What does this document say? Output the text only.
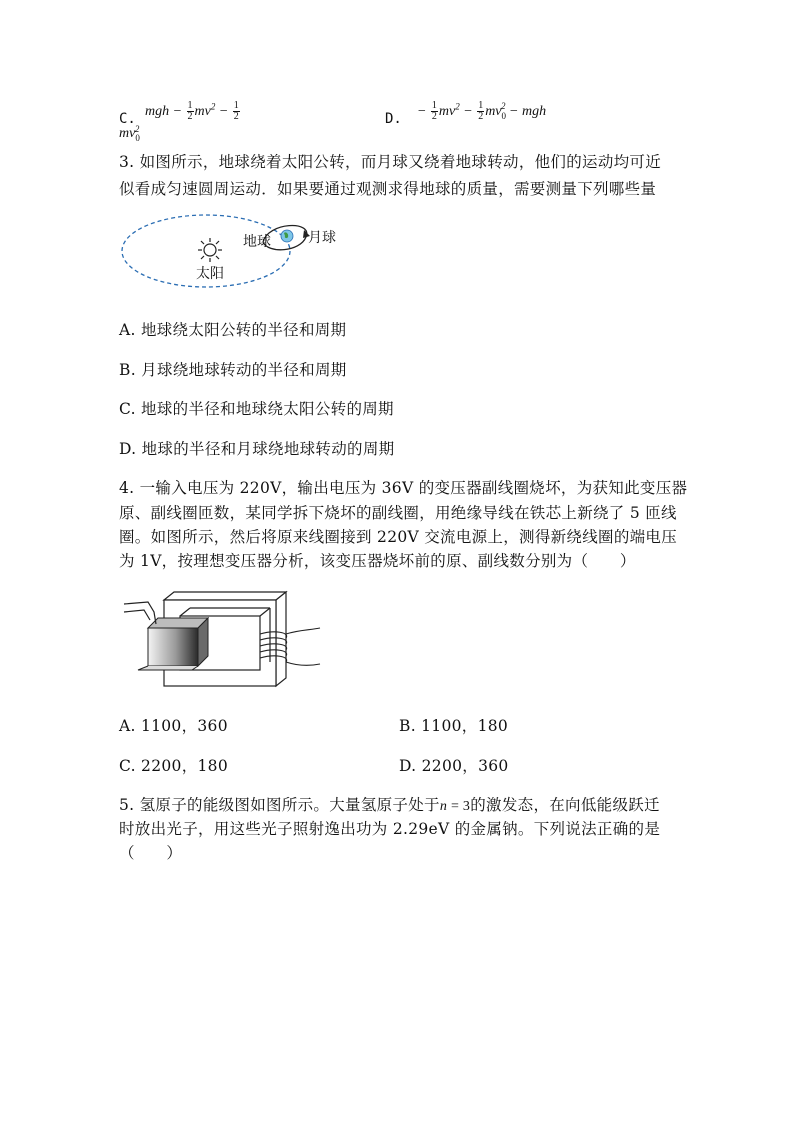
C. mgh − $\frac{1}{2} mv^2 - \frac{1}{2}$
$mv_0^2$
D. − $\frac{1}{2} mv^2 - \frac{1}{2} mv_0^2$ − mgh
3. 如图所示，地球绕着太阳公转，而月球又绕着地球转动，他们的运动均可近
似看成匀速圆周运动．如果要通过观测求得地球的质量，需要测量下列哪些量
地球	月球
太阳
A. 地球绕太阳公转的半径和周期
B. 月球绕地球转动的半径和周期
C. 地球的半径和地球绕太阳公转的周期
D. 地球的半径和月球绕地球转动的周期
4. 一输入电压为 220V，输出电压为 36V 的变压器副线圈烧坏，为获知此变压器
原、副线圈匝数，某同学拆下烧坏的副线圈，用绝缘导线在铁芯上新绕了 5 匝线
圈。如图所示，然后将原来线圈接到 220V 交流电源上，测得新绕线圈的端电压
为 1V，按理想变压器分析，该变压器烧坏前的原、副线数分别为（　　）
A. 1100，360	B. 1100，180
C. 2200，180	D. 2200，360
5. 氢原子的能级图如图所示。大量氢原子处于n = 3的激发态，在向低能级跃迁
时放出光子，用这些光子照射逸出功为 2.29eV 的金属钠。下列说法正确的是
（　　）
